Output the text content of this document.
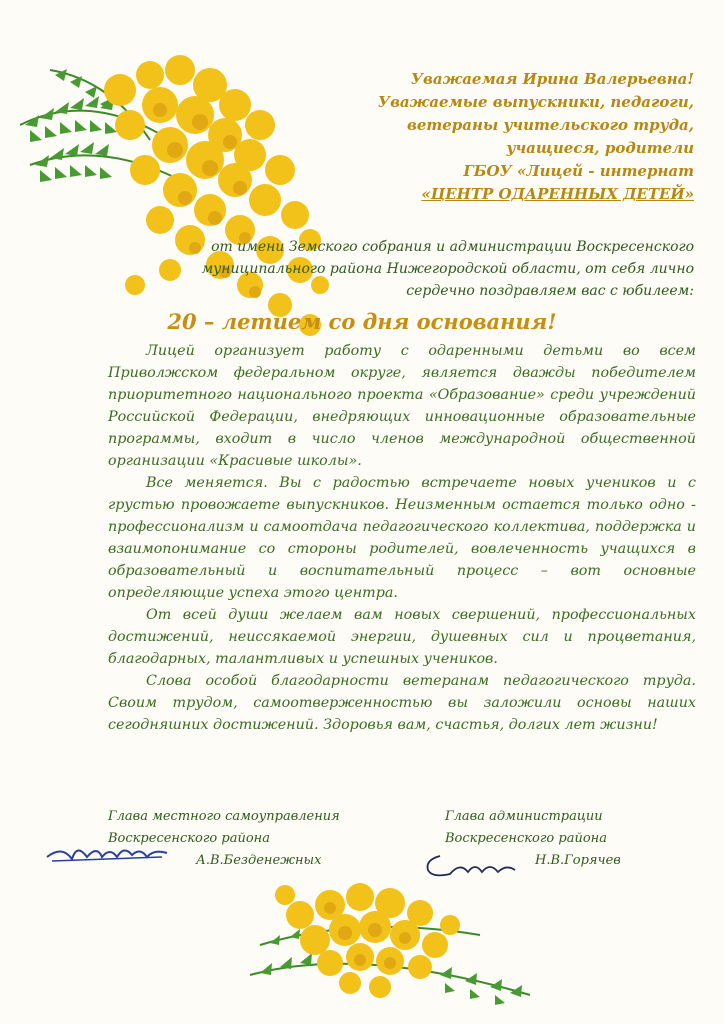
Уважаемая Ирина Валерьевна!
Уважаемые выпускники, педагоги,
ветераны учительского труда,
учащиеся, родители
ГБОУ «Лицей - интернат
«ЦЕНТР ОДАРЕННЫХ ДЕТЕЙ»
от имени Земского собрания и администрации Воскресенского
муниципального района Нижегородской области, от себя лично
сердечно поздравляем вас с юбилеем:
20 – летием со дня основания!

Лицей организует работу с одаренными детьми во всем Приволжском федеральном округе, является дважды победителем приоритетного национального проекта «Образование» среди учреждений Российской Федерации, внедряющих инновационные образовательные программы, входит в число членов международной общественной организации «Красивые школы».

Все меняется. Вы с радостью встречаете новых учеников и с грустью провожаете выпускников. Неизменным остается только одно - профессионализм и самоотдача педагогического коллектива, поддержка и взаимопонимание со стороны родителей, вовлеченность учащихся в образовательный и воспитательный процесс – вот основные определяющие успеха этого центра.

От всей души желаем вам новых свершений, профессиональных достижений, неиссякаемой энергии, душевных сил и процветания, благодарных, талантливых и успешных учеников.

Слова особой благодарности ветеранам педагогического труда. Своим трудом, самоотверженностью вы заложили основы наших сегодняшних достижений. Здоровья вам, счастья, долгих лет жизни!

Глава местного самоуправления
Воскресенского района
А.В.Безденежных
Глава администрации
Воскресенского района
Н.В.Горячев
